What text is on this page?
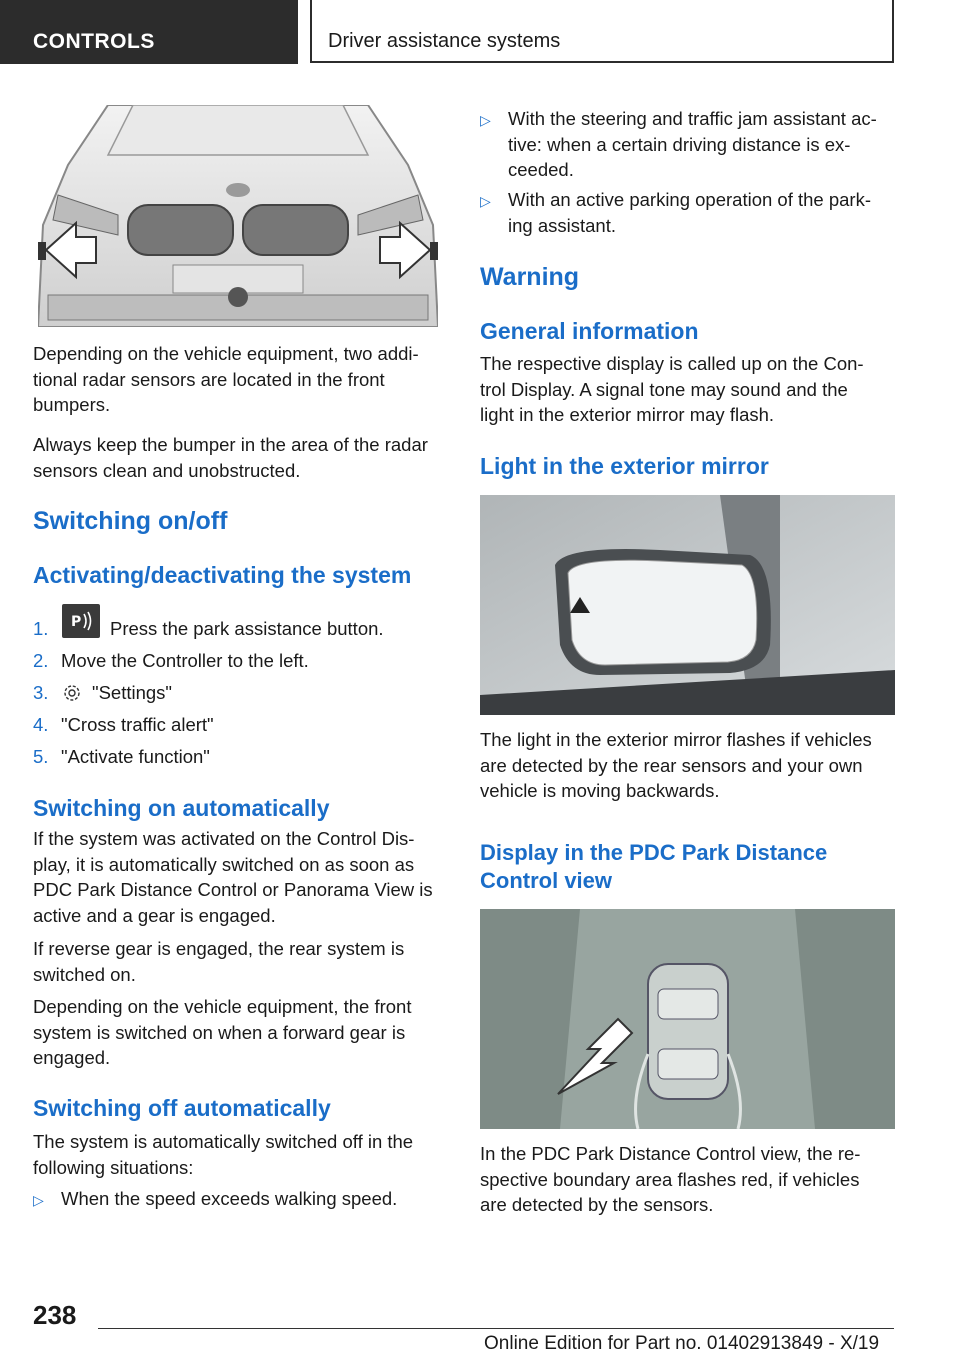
CONTROLS	Driver assistance systems

Depending on the vehicle equipment, two addi-
tional radar sensors are located in the front
bumpers.

Always keep the bumper in the area of the radar
sensors clean and unobstructed.

Switching on/off
Activating/deactivating the system
1. P Press the park assistance button.
2. Move the Controller to the left.
3. "Settings"
4. "Cross traffic alert"
5. "Activate function"
Switching on automatically

If the system was activated on the Control Dis-
play, it is automatically switched on as soon as
PDC Park Distance Control or Panorama View is
active and a gear is engaged.

If reverse gear is engaged, the rear system is
switched on.

Depending on the vehicle equipment, the front
system is switched on when a forward gear is
engaged.

Switching off automatically

The system is automatically switched off in the
following situations:

▷ When the speed exceeds walking speed.
▷ With the steering and traffic jam assistant ac-
tive: when a certain driving distance is ex-
ceeded.
▷ With an active parking operation of the park-
ing assistant.
Warning
General information

The respective display is called up on the Con-
trol Display. A signal tone may sound and the
light in the exterior mirror may flash.

Light in the exterior mirror

The light in the exterior mirror flashes if vehicles
are detected by the rear sensors and your own
vehicle is moving backwards.

Display in the PDC Park Distance
Control view

In the PDC Park Distance Control view, the re-
spective boundary area flashes red, if vehicles
are detected by the sensors.

238
Online Edition for Part no. 01402913849 - X/19
